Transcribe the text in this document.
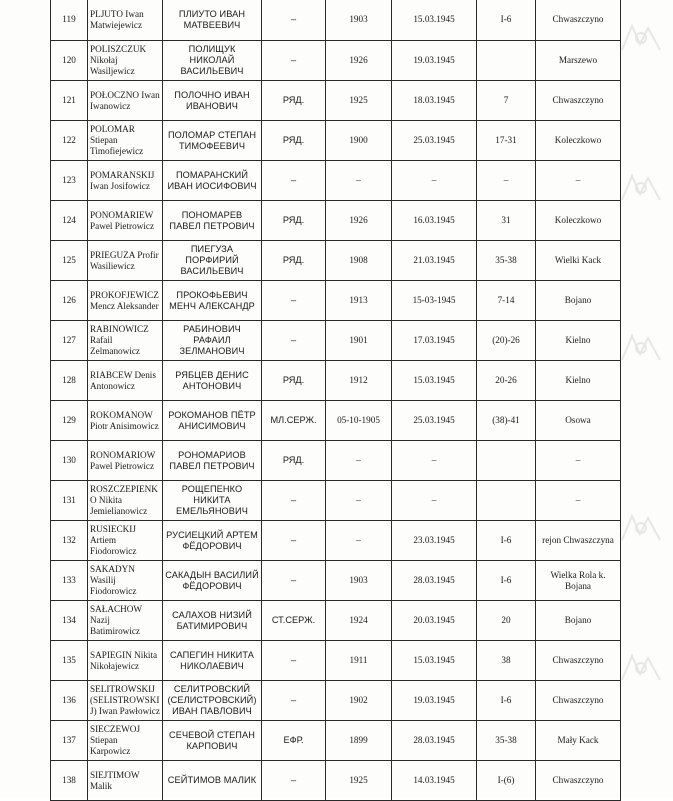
119	PLJUTO Iwan Matwiejewicz	ПЛИУТО ИВАН МАТВЕЕВИЧ	–	1903	15.03.1945	I-6	Chwaszczyno
120	POLISZCZUK Nikołaj Wasiljewicz	ПОЛИЩУК НИКОЛАЙ ВАСИЛЬЕВИЧ	–	1926	19.03.1945		Marszewo
121	POŁOCZNO Iwan Iwanowicz	ПОЛОЧНО ИВАН ИВАНОВИЧ	РЯД.	1925	18.03.1945	7	Chwaszczyno
122	POLOMAR Stiepan Timofiejewicz	ПОЛОМАР СТЕПАН ТИМОФЕЕВИЧ	РЯД.	1900	25.03.1945	17-31	Koleczkowo
123	POMARANSKIJ Iwan Josifowicz	ПОМАРАНСКИЙ ИВАН ИОСИФОВИЧ	–	–	–	–	–
124	PONOMARIEW Pawel Pietrowicz	ПОНОМАРЕВ ПАВЕЛ ПЕТРОВИЧ	РЯД.	1926	16.03.1945	31	Koleczkowo
125	PRIEGUZA Profir Wasiliewicz	ПИЕГУЗА ПОРФИРИЙ ВАСИЛЬЕВИЧ	РЯД.	1908	21.03.1945	35-38	Wielki Kack
126	PROKOFJEWICZ Mencz Aleksander	ПРОКОФЬЕВИЧ МЕНЧ АЛЕКСАНДР	–	1913	15-03-1945	7-14	Bojano
127	RABINOWICZ Rafail Zelmanowicz	РАБИНОВИЧ РАФАИЛ ЗЕЛМАНОВИЧ	–	1901	17.03.1945	(20)-26	Kielno
128	RIABCEW Denis Antonowicz	РЯБЦЕВ ДЕНИС АНТОНОВИЧ	РЯД.	1912	15.03.1945	20-26	Kielno
129	ROKOMANOW Piotr Anisimowicz	РОКОМАНОВ ПЁТР АНИСИМОВИЧ	МЛ.СЕРЖ.	05-10-1905	25.03.1945	(38)-41	Osowa
130	RONOMARIOW Pawel Pietrowicz	РОНОМАРИОВ ПАВЕЛ ПЕТРОВИЧ	РЯД.	–	–		–
131	ROSZCZEPIENK O Nikita Jemielianowicz	РОЩЕПЕНКО НИКИТА ЕМЕЛЬЯНОВИЧ	–	–	–		–
132	RUSIECKIJ Artiem Fiodorowicz	РУСИЕЦКИЙ АРТЕМ ФЁДОРОВИЧ	–	–	23.03.1945	I-6	rejon Chwaszczyna
133	SAKADYN Wasilij Fiodorowicz	САКАДЫН ВАСИЛИЙ ФЁДОРОВИЧ	–	1903	28.03.1945	I-6	Wielka Rola k. Bojana
134	SAŁACHOW Nazij Batimirowicz	САЛАХОВ НИЗИЙ БАТИМИРОВИЧ	СТ.СЕРЖ.	1924	20.03.1945	20	Bojano
135	SAPIEGIN Nikita Nikołajewicz	САПЕГИН НИКИТА НИКОЛАЕВИЧ	–	1911	15.03.1945	38	Chwaszczyno
136	SELITROWSKIJ (SELISTROWSKI J) Iwan Pawłowicz	СЕЛИТРОВСКИЙ (СЕЛИСТРОВСКИЙ) ИВАН ПАВЛОВИЧ	–	1902	19.03.1945	I-6	Chwaszczyno
137	SIECZEWOJ Stiepan Karpowicz	СЕЧЕВОЙ СТЕПАН КАРПОВИЧ	ЕФР.	1899	28.03.1945	35-38	Mały Kack
138	SIEJTIMOW Malik	СЕЙТИМОВ МАЛИК	–	1925	14.03.1945	I-(6)	Chwaszczyno
